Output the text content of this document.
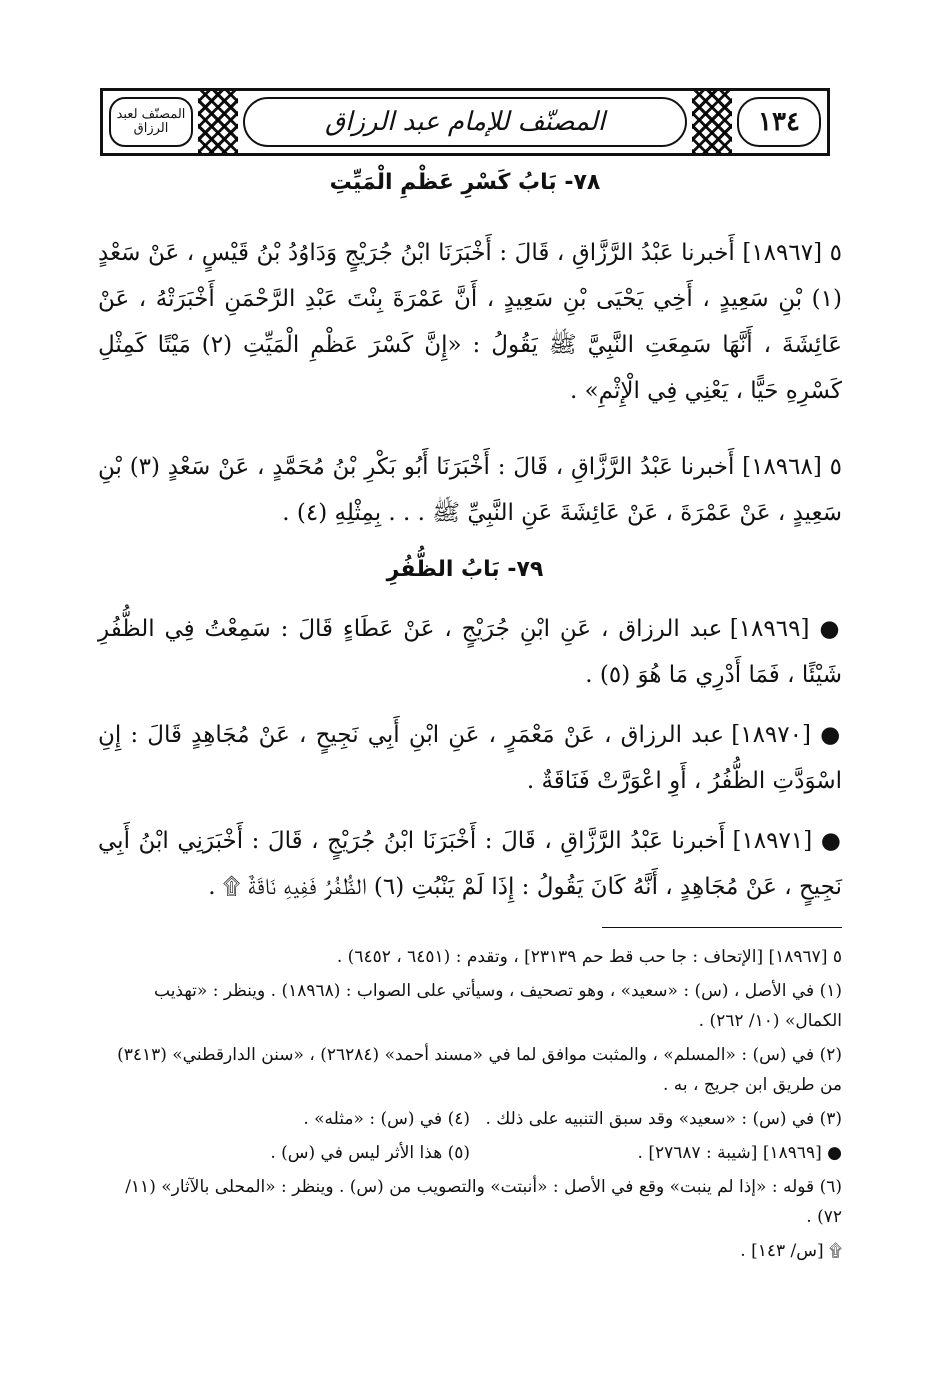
المصنّف لعبد الرزاق	المصنّف للإمام عبد الرزاق	١٣٤
٧٨- بَابُ كَسْرِ عَظْمِ الْمَيِّتِ

٥ [١٨٩٦٧] أَخبرنا عَبْدُ الرَّزَّاقِ ، قَالَ : أَخْبَرَنَا ابْنُ جُرَيْجٍ وَدَاوُدُ بْنُ قَيْسٍ ، عَنْ سَعْدٍ (١) بْنِ سَعِيدٍ ، أَخِي يَحْيَى بْنِ سَعِيدٍ ، أَنَّ عَمْرَةَ بِنْتَ عَبْدِ الرَّحْمَنِ أَخْبَرَتْهُ ، عَنْ عَائِشَةَ ، أَنَّهَا سَمِعَتِ النَّبِيَّ ﷺ يَقُولُ : «إِنَّ كَسْرَ عَظْمِ الْمَيِّتِ (٢) مَيْتًا كَمِثْلِ كَسْرِهِ حَيًّا ، يَعْنِي فِي الْإِثْمِ» .

٥ [١٨٩٦٨] أَخبرنا عَبْدُ الرَّزَّاقِ ، قَالَ : أَخْبَرَنَا أَبُو بَكْرِ بْنُ مُحَمَّدٍ ، عَنْ سَعْدٍ (٣) بْنِ سَعِيدٍ ، عَنْ عَمْرَةَ ، عَنْ عَائِشَةَ عَنِ النَّبِيِّ ﷺ . . . بِمِثْلِهِ (٤) .

٧٩- بَابُ الظُّفُرِ

● [١٨٩٦٩] عبد الرزاق ، عَنِ ابْنِ جُرَيْجٍ ، عَنْ عَطَاءٍ قَالَ : سَمِعْتُ فِي الظُّفُرِ شَيْئًا ، فَمَا أَدْرِي مَا هُوَ (٥) .

● [١٨٩٧٠] عبد الرزاق ، عَنْ مَعْمَرٍ ، عَنِ ابْنِ أَبِي نَجِيحٍ ، عَنْ مُجَاهِدٍ قَالَ : إِنِ اسْوَدَّتِ الظُّفُرُ ، أَوِ اعْوَرَّتْ فَنَاقَةٌ .

● [١٨٩٧١] أَخبرنا عَبْدُ الرَّزَّاقِ ، قَالَ : أَخْبَرَنَا ابْنُ جُرَيْجٍ ، قَالَ : أَخْبَرَنِي ابْنُ أَبِي نَجِيحٍ ، عَنْ مُجَاهِدٍ ، أَنَّهُ كَانَ يَقُولُ : إِذَا لَمْ يَنْبُتِ (٦) الظُّفُرُ فَفِيهِ نَاقَةٌ ۩ .

٥ [١٨٩٦٧] [الإتحاف : جا حب قط حم ٢٣١٣٩] ، وتقدم : (٦٤٥١ ، ٦٤٥٢) .

(١) في الأصل ، (س) : «سعيد» ، وهو تصحيف ، وسيأتي على الصواب : (١٨٩٦٨) . وينظر : «تهذيب الكمال» (١٠/ ٢٦٢) .

(٢) في (س) : «المسلم» ، والمثبت موافق لما في «مسند أحمد» (٢٦٢٨٤) ، «سنن الدارقطني» (٣٤١٣) من طريق ابن جريج ، به .

(٣) في (س) : «سعيد» وقد سبق التنبيه على ذلك .
(٤) في (س) : «مثله» .
● [١٨٩٦٩] [شيبة : ٢٧٦٨٧] .
(٥) هذا الأثر ليس في (س) .

(٦) قوله : «إذا لم ينبت» وقع في الأصل : «أنبتت» والتصويب من (س) . وينظر : «المحلى بالآثار» (١١/ ٧٢) .

۩ [س/ ١٤٣] .
